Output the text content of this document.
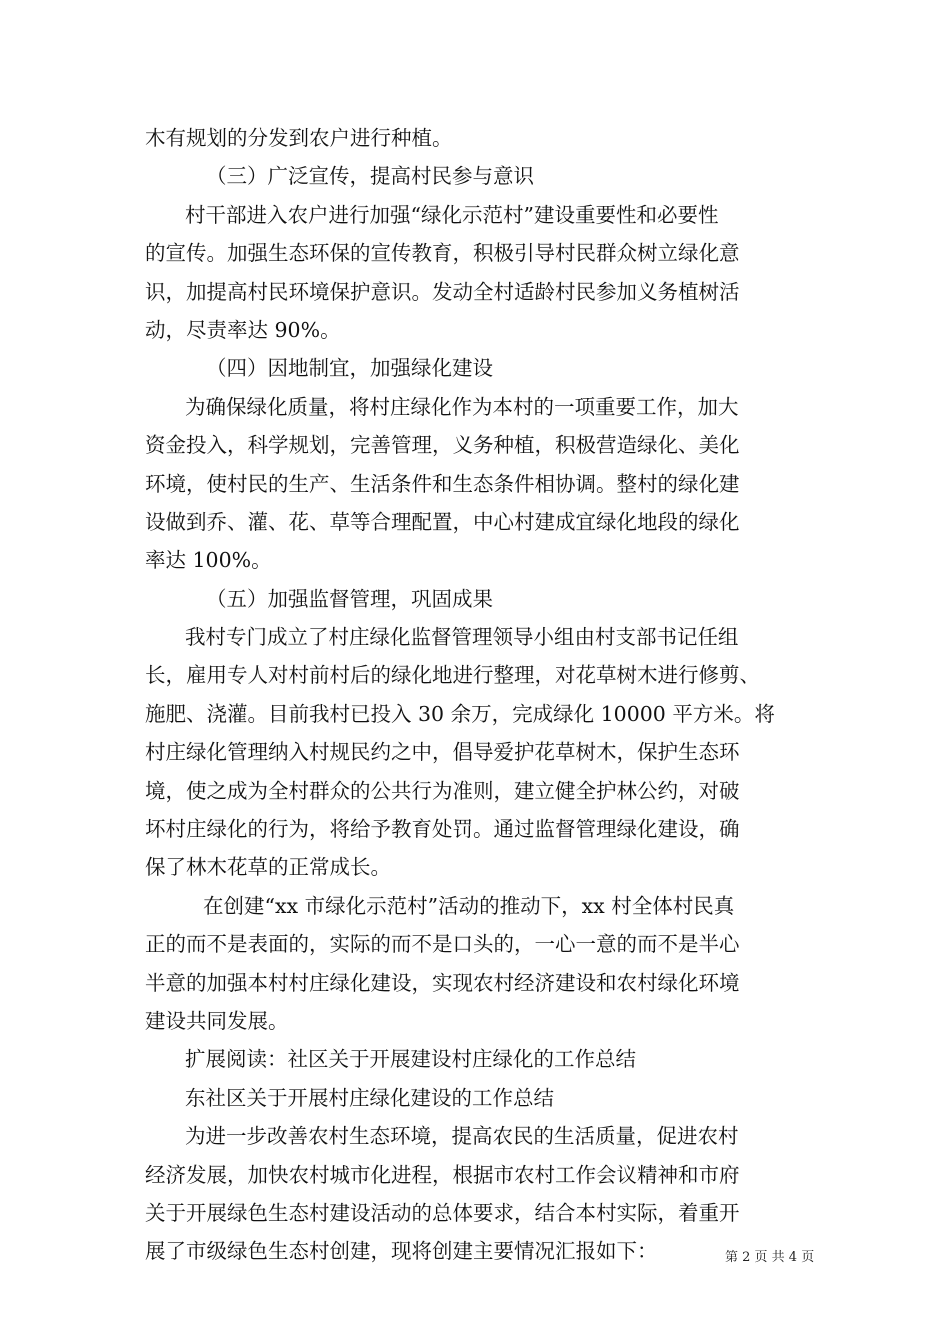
木有规划的分发到农户进行种植。
（三）广泛宣传，提高村民参与意识
村干部进入农户进行加强“绿化示范村”建设重要性和必要性
的宣传。加强生态环保的宣传教育，积极引导村民群众树立绿化意
识，加提高村民环境保护意识。发动全村适龄村民参加义务植树活
动，尽责率达 90%。
（四）因地制宜，加强绿化建设
为确保绿化质量，将村庄绿化作为本村的一项重要工作，加大
资金投入，科学规划，完善管理，义务种植，积极营造绿化、美化
环境，使村民的生产、生活条件和生态条件相协调。整村的绿化建
设做到乔、灌、花、草等合理配置，中心村建成宜绿化地段的绿化
率达 100%。
（五）加强监督管理，巩固成果
我村专门成立了村庄绿化监督管理领导小组由村支部书记任组
长，雇用专人对村前村后的绿化地进行整理，对花草树木进行修剪、
施肥、浇灌。目前我村已投入 30 余万，完成绿化 10000 平方米。将
村庄绿化管理纳入村规民约之中，倡导爱护花草树木，保护生态环
境，使之成为全村群众的公共行为准则，建立健全护林公约，对破
坏村庄绿化的行为，将给予教育处罚。通过监督管理绿化建设，确
保了林木花草的正常成长。
在创建“xx 市绿化示范村”活动的推动下，xx 村全体村民真
正的而不是表面的，实际的而不是口头的，一心一意的而不是半心
半意的加强本村村庄绿化建设，实现农村经济建设和农村绿化环境
建设共同发展。
扩展阅读：社区关于开展建设村庄绿化的工作总结
东社区关于开展村庄绿化建设的工作总结
为进一步改善农村生态环境，提高农民的生活质量，促进农村
经济发展，加快农村城市化进程，根据市农村工作会议精神和市府
关于开展绿色生态村建设活动的总体要求，结合本村实际，着重开
展了市级绿色生态村创建，现将创建主要情况汇报如下：	第 2 页 共 4 页
